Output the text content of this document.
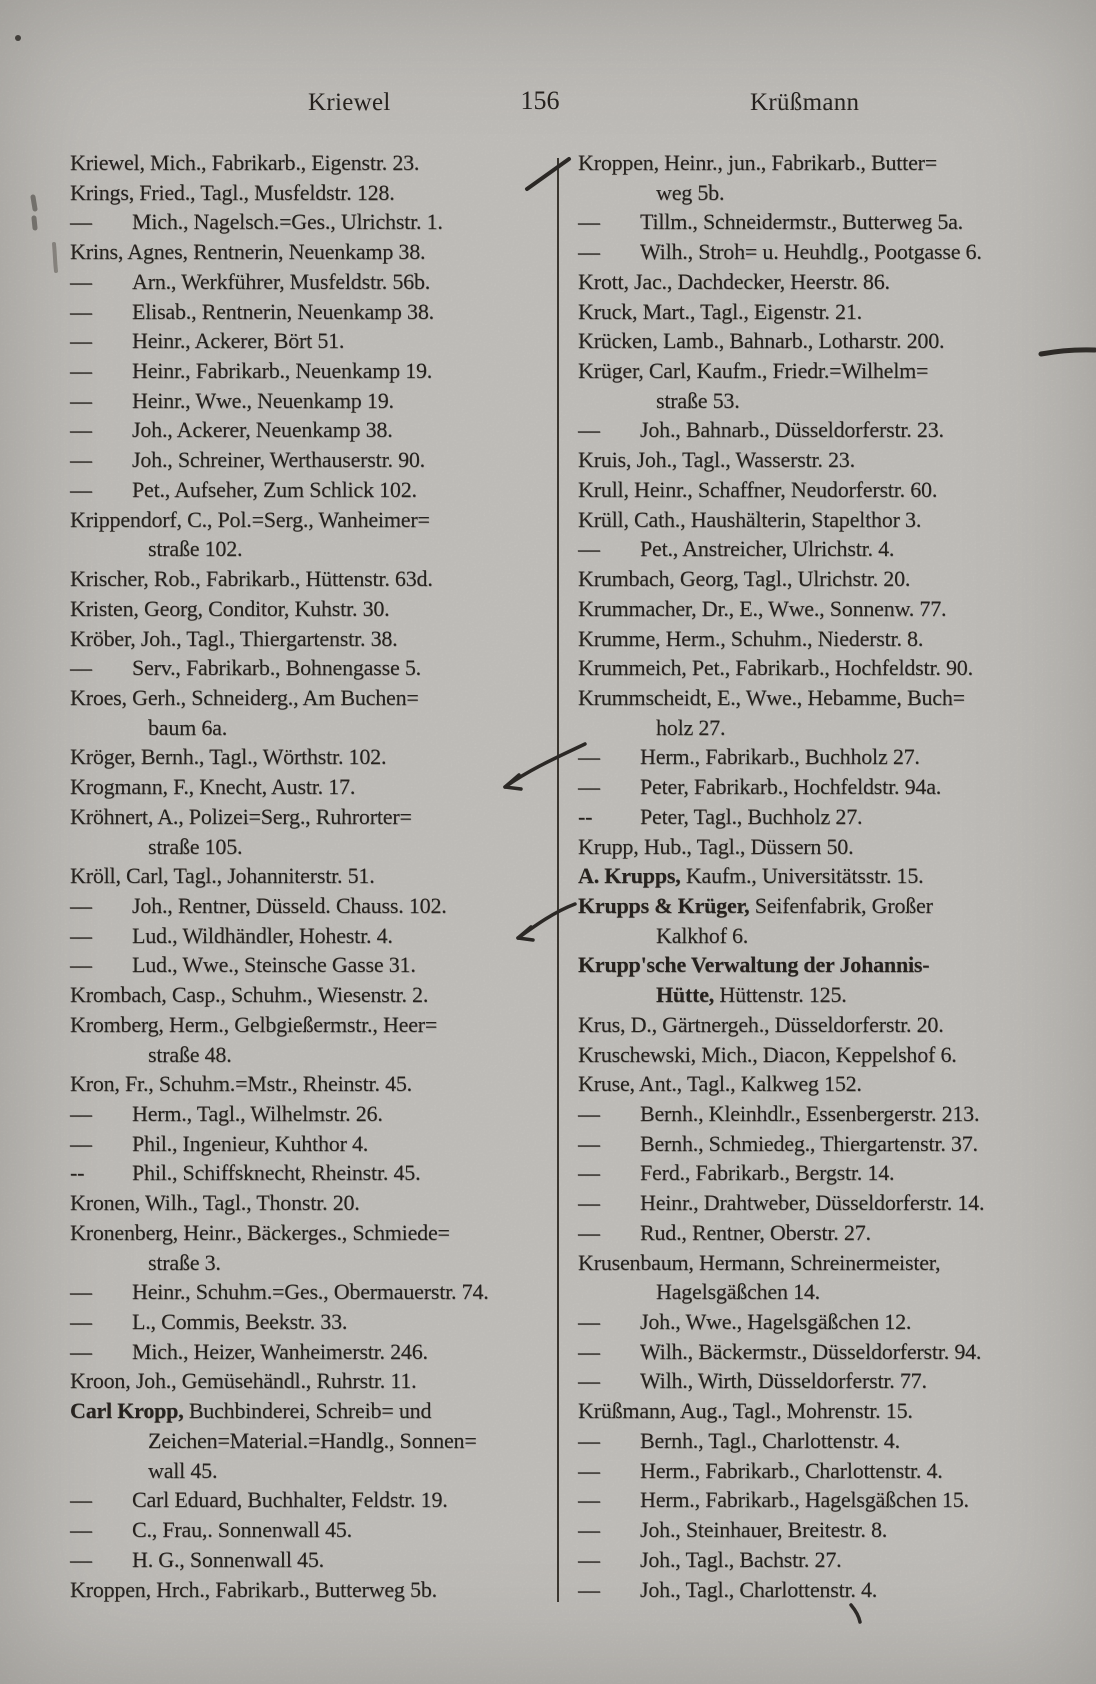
Kriewel	156	Krüßmann
Kriewel, Mich., Fabrikarb., Eigenstr. 23.
Krings, Fried., Tagl., Musfeldstr. 128.
— Mich., Nagelsch.=Ges., Ulrichstr. 1.
Krins, Agnes, Rentnerin, Neuenkamp 38.
— Arn., Werkführer, Musfeldstr. 56b.
— Elisab., Rentnerin, Neuenkamp 38.
— Heinr., Ackerer, Bört 51.
— Heinr., Fabrikarb., Neuenkamp 19.
— Heinr., Wwe., Neuenkamp 19.
— Joh., Ackerer, Neuenkamp 38.
— Joh., Schreiner, Werthauserstr. 90.
— Pet., Aufseher, Zum Schlick 102.
Krippendorf, C., Pol.=Serg., Wanheimer=
straße 102.
Krischer, Rob., Fabrikarb., Hüttenstr. 63d.
Kristen, Georg, Conditor, Kuhstr. 30.
Kröber, Joh., Tagl., Thiergartenstr. 38.
— Serv., Fabrikarb., Bohnengasse 5.
Kroes, Gerh., Schneiderg., Am Buchen=
baum 6a.
Kröger, Bernh., Tagl., Wörthstr. 102.
Krogmann, F., Knecht, Austr. 17.
Kröhnert, A., Polizei=Serg., Ruhrorter=
straße 105.
Kröll, Carl, Tagl., Johanniterstr. 51.
— Joh., Rentner, Düsseld. Chauss. 102.
— Lud., Wildhändler, Hohestr. 4.
— Lud., Wwe., Steinsche Gasse 31.
Krombach, Casp., Schuhm., Wiesenstr. 2.
Kromberg, Herm., Gelbgießermstr., Heer=
straße 48.
Kron, Fr., Schuhm.=Mstr., Rheinstr. 45.
— Herm., Tagl., Wilhelmstr. 26.
— Phil., Ingenieur, Kuhthor 4.
-- Phil., Schiffsknecht, Rheinstr. 45.
Kronen, Wilh., Tagl., Thonstr. 20.
Kronenberg, Heinr., Bäckerges., Schmiede=
straße 3.
— Heinr., Schuhm.=Ges., Obermauerstr. 74.
— L., Commis, Beekstr. 33.
— Mich., Heizer, Wanheimerstr. 246.
Kroon, Joh., Gemüsehändl., Ruhrstr. 11.
Carl Kropp, Buchbinderei, Schreib= und
Zeichen=Material.=Handlg., Sonnen=
wall 45.
— Carl Eduard, Buchhalter, Feldstr. 19.
— C., Frau,. Sonnenwall 45.
— H. G., Sonnenwall 45.
Kroppen, Hrch., Fabrikarb., Butterweg 5b.
Kroppen, Heinr., jun., Fabrikarb., Butter=
weg 5b.
— Tillm., Schneidermstr., Butterweg 5a.
— Wilh., Stroh= u. Heuhdlg., Pootgasse 6.
Krott, Jac., Dachdecker, Heerstr. 86.
Kruck, Mart., Tagl., Eigenstr. 21.
Krücken, Lamb., Bahnarb., Lotharstr. 200.
Krüger, Carl, Kaufm., Friedr.=Wilhelm=
straße 53.
— Joh., Bahnarb., Düsseldorferstr. 23.
Kruis, Joh., Tagl., Wasserstr. 23.
Krull, Heinr., Schaffner, Neudorferstr. 60.
Krüll, Cath., Haushälterin, Stapelthor 3.
— Pet., Anstreicher, Ulrichstr. 4.
Krumbach, Georg, Tagl., Ulrichstr. 20.
Krummacher, Dr., E., Wwe., Sonnenw. 77.
Krumme, Herm., Schuhm., Niederstr. 8.
Krummeich, Pet., Fabrikarb., Hochfeldstr. 90.
Krummscheidt, E., Wwe., Hebamme, Buch=
holz 27.
— Herm., Fabrikarb., Buchholz 27.
— Peter, Fabrikarb., Hochfeldstr. 94a.
-- Peter, Tagl., Buchholz 27.
Krupp, Hub., Tagl., Düssern 50.
A. Krupps, Kaufm., Universitätsstr. 15.
Krupps & Krüger, Seifenfabrik, Großer
Kalkhof 6.
Krupp'sche Verwaltung der Johannis-
Hütte, Hüttenstr. 125.
Krus, D., Gärtnergeh., Düsseldorferstr. 20.
Kruschewski, Mich., Diacon, Keppelshof 6.
Kruse, Ant., Tagl., Kalkweg 152.
— Bernh., Kleinhdlr., Essenbergerstr. 213.
— Bernh., Schmiedeg., Thiergartenstr. 37.
— Ferd., Fabrikarb., Bergstr. 14.
— Heinr., Drahtweber, Düsseldorferstr. 14.
— Rud., Rentner, Oberstr. 27.
Krusenbaum, Hermann, Schreinermeister,
Hagelsgäßchen 14.
— Joh., Wwe., Hagelsgäßchen 12.
— Wilh., Bäckermstr., Düsseldorferstr. 94.
— Wilh., Wirth, Düsseldorferstr. 77.
Krüßmann, Aug., Tagl., Mohrenstr. 15.
— Bernh., Tagl., Charlottenstr. 4.
— Herm., Fabrikarb., Charlottenstr. 4.
— Herm., Fabrikarb., Hagelsgäßchen 15.
— Joh., Steinhauer, Breitestr. 8.
— Joh., Tagl., Bachstr. 27.
— Joh., Tagl., Charlottenstr. 4.
